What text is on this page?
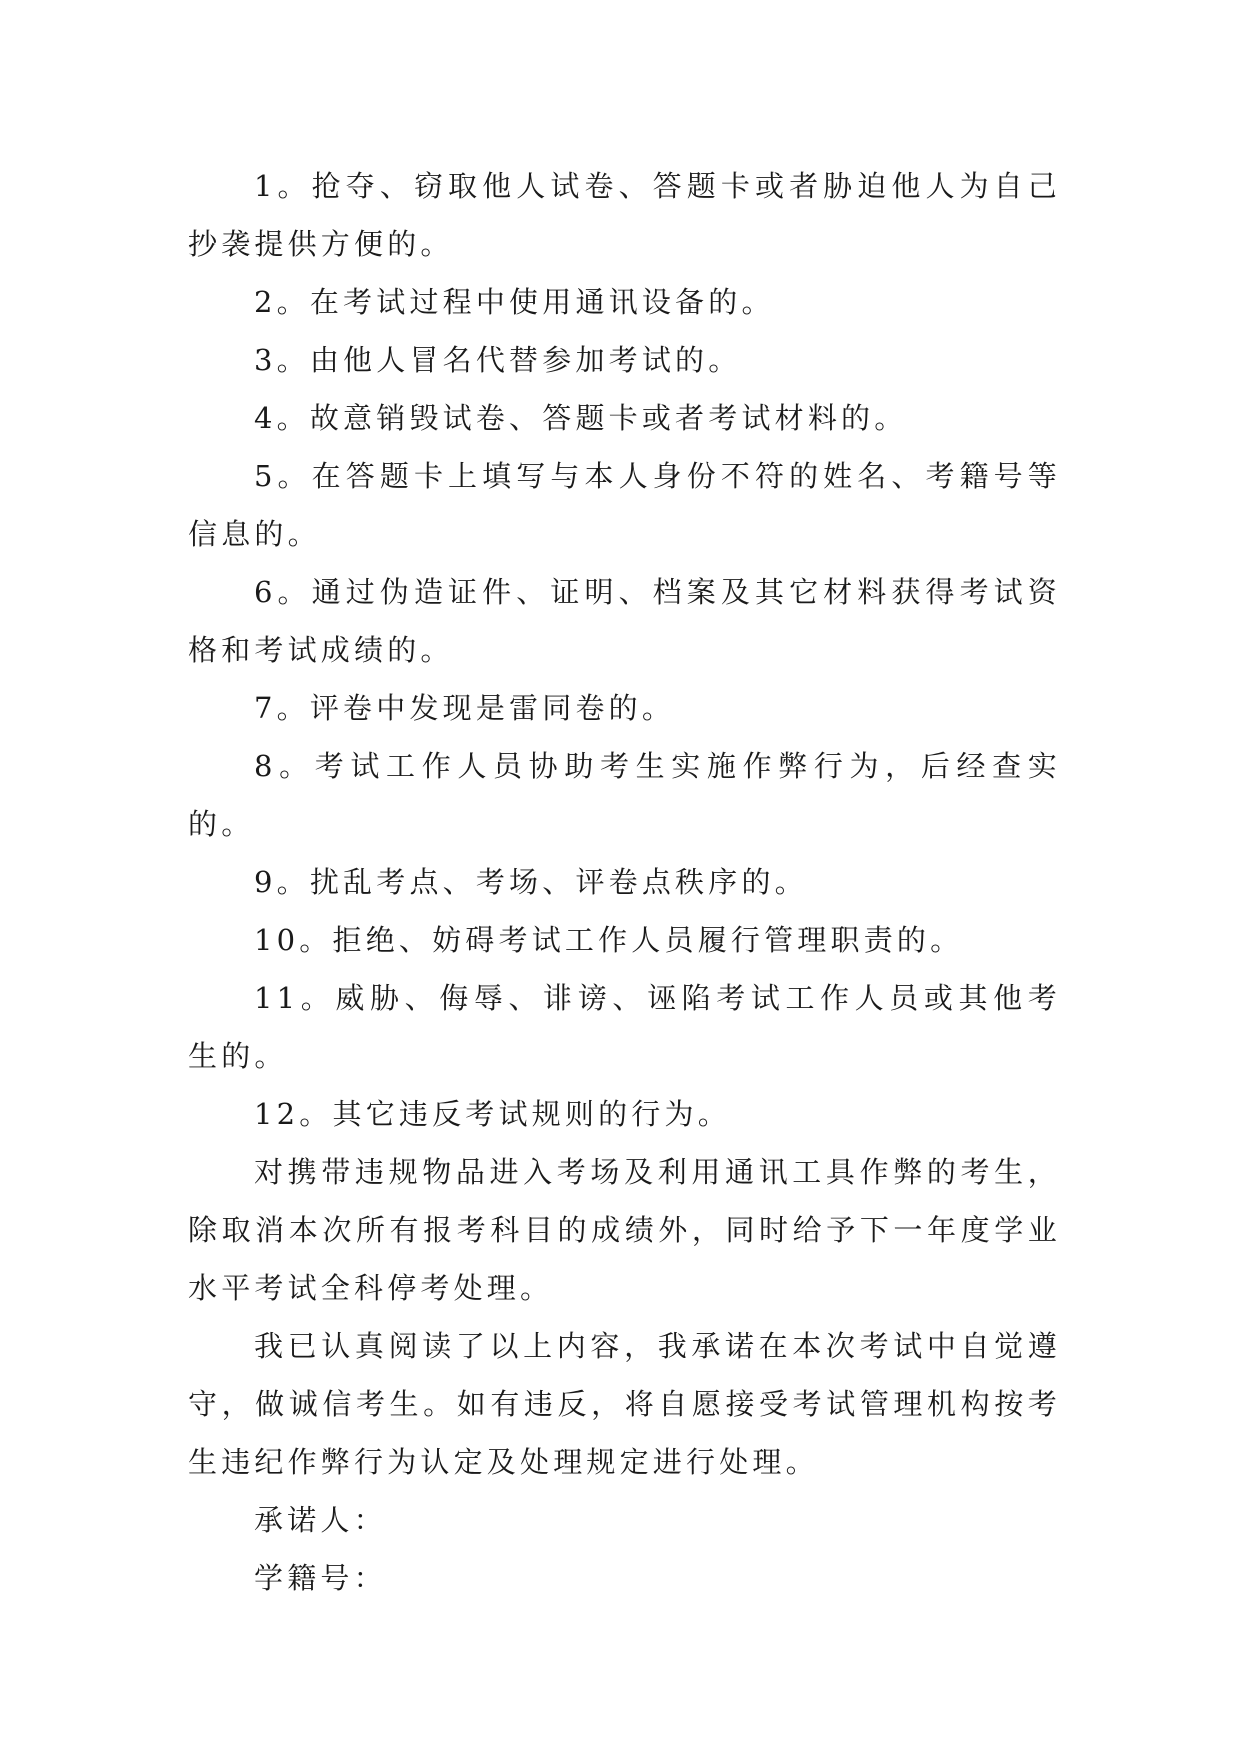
1。抢夺、窃取他人试卷、答题卡或者胁迫他人为自己抄袭提供方便的。

2。在考试过程中使用通讯设备的。

3。由他人冒名代替参加考试的。

4。故意销毁试卷、答题卡或者考试材料的。

5。在答题卡上填写与本人身份不符的姓名、考籍号等信息的。

6。通过伪造证件、证明、档案及其它材料获得考试资格和考试成绩的。

7。评卷中发现是雷同卷的。

8。考试工作人员协助考生实施作弊行为，后经查实的。

9。扰乱考点、考场、评卷点秩序的。

10。拒绝、妨碍考试工作人员履行管理职责的。

11。威胁、侮辱、诽谤、诬陷考试工作人员或其他考生的。

12。其它违反考试规则的行为。

对携带违规物品进入考场及利用通讯工具作弊的考生，除取消本次所有报考科目的成绩外，同时给予下一年度学业水平考试全科停考处理。

我已认真阅读了以上内容，我承诺在本次考试中自觉遵守，做诚信考生。如有违反，将自愿接受考试管理机构按考生违纪作弊行为认定及处理规定进行处理。

承诺人：

学籍号：
